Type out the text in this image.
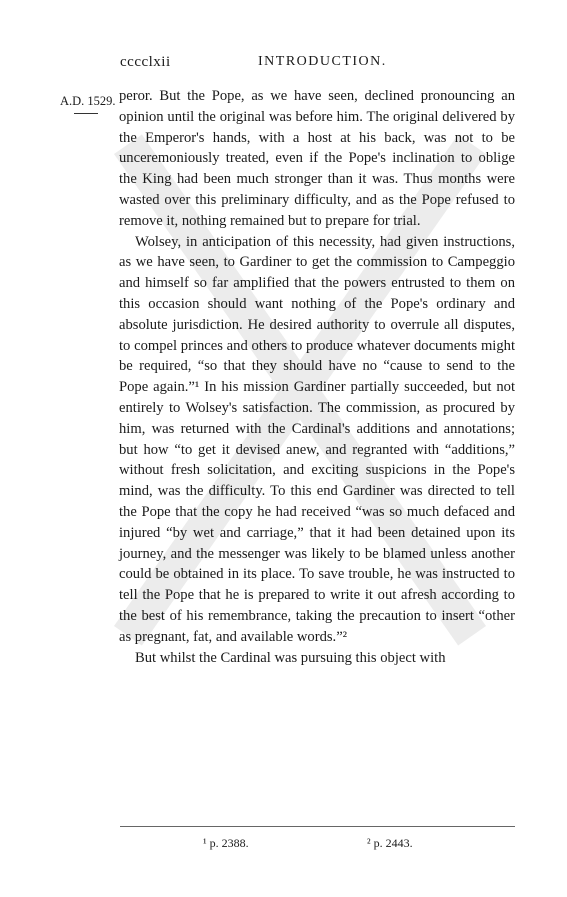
cccclxii	INTRODUCTION.
A.D. 1529. peror. But the Pope, as we have seen, declined pronouncing an opinion until the original was before him. The original delivered by the Emperor's hands, with a host at his back, was not to be unceremoniously treated, even if the Pope's inclination to oblige the King had been much stronger than it was. Thus months were wasted over this preliminary difficulty, and as the Pope refused to remove it, nothing remained but to prepare for trial.

Wolsey, in anticipation of this necessity, had given instructions, as we have seen, to Gardiner to get the commission to Campeggio and himself so far amplified that the powers entrusted to them on this occasion should want nothing of the Pope's ordinary and absolute jurisdiction. He desired authority to overrule all disputes, to compel princes and others to produce whatever documents might be required, “so that they should have no “cause to send to the Pope again.”¹ In his mission Gardiner partially succeeded, but not entirely to Wolsey's satisfaction. The commission, as procured by him, was returned with the Cardinal's additions and annotations; but how “to get it devised anew, and regranted with “additions,” without fresh solicitation, and exciting suspicions in the Pope's mind, was the difficulty. To this end Gardiner was directed to tell the Pope that the copy he had received “was so much defaced and injured “by wet and carriage,” that it had been detained upon its journey, and the messenger was likely to be blamed unless another could be obtained in its place. To save trouble, he was instructed to tell the Pope that he is prepared to write it out afresh according to the best of his remembrance, taking the precaution to insert “other as pregnant, fat, and available words.”²

But whilst the Cardinal was pursuing this object with

¹ p. 2388.	² p. 2443.
